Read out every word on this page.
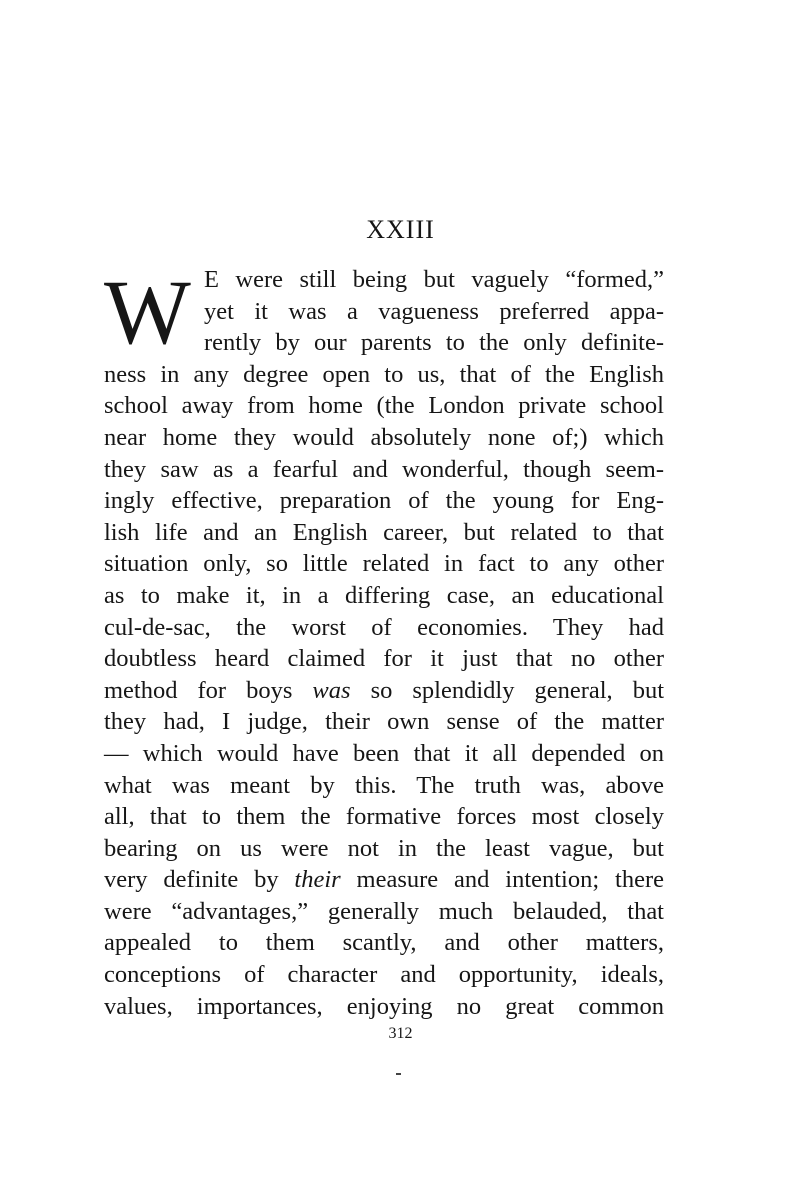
XXIII
W E were still being but vaguely “formed,”
yet it was a vagueness preferred appa-
rently by our parents to the only definite-
ness in any degree open to us, that of the English
school away from home (the London private school
near home they would absolutely none of;) which
they saw as a fearful and wonderful, though seem-
ingly effective, preparation of the young for Eng-
lish life and an English career, but related to that
situation only, so little related in fact to any other
as to make it, in a differing case, an educational
cul-de-sac, the worst of economies. They had
doubtless heard claimed for it just that no other
method for boys was so splendidly general, but
they had, I judge, their own sense of the matter
— which would have been that it all depended on
what was meant by this. The truth was, above
all, that to them the formative forces most closely
bearing on us were not in the least vague, but
very definite by their measure and intention; there
were “advantages,” generally much belauded, that
appealed to them scantly, and other matters,
conceptions of character and opportunity, ideals,
values, importances, enjoying no great common
312
